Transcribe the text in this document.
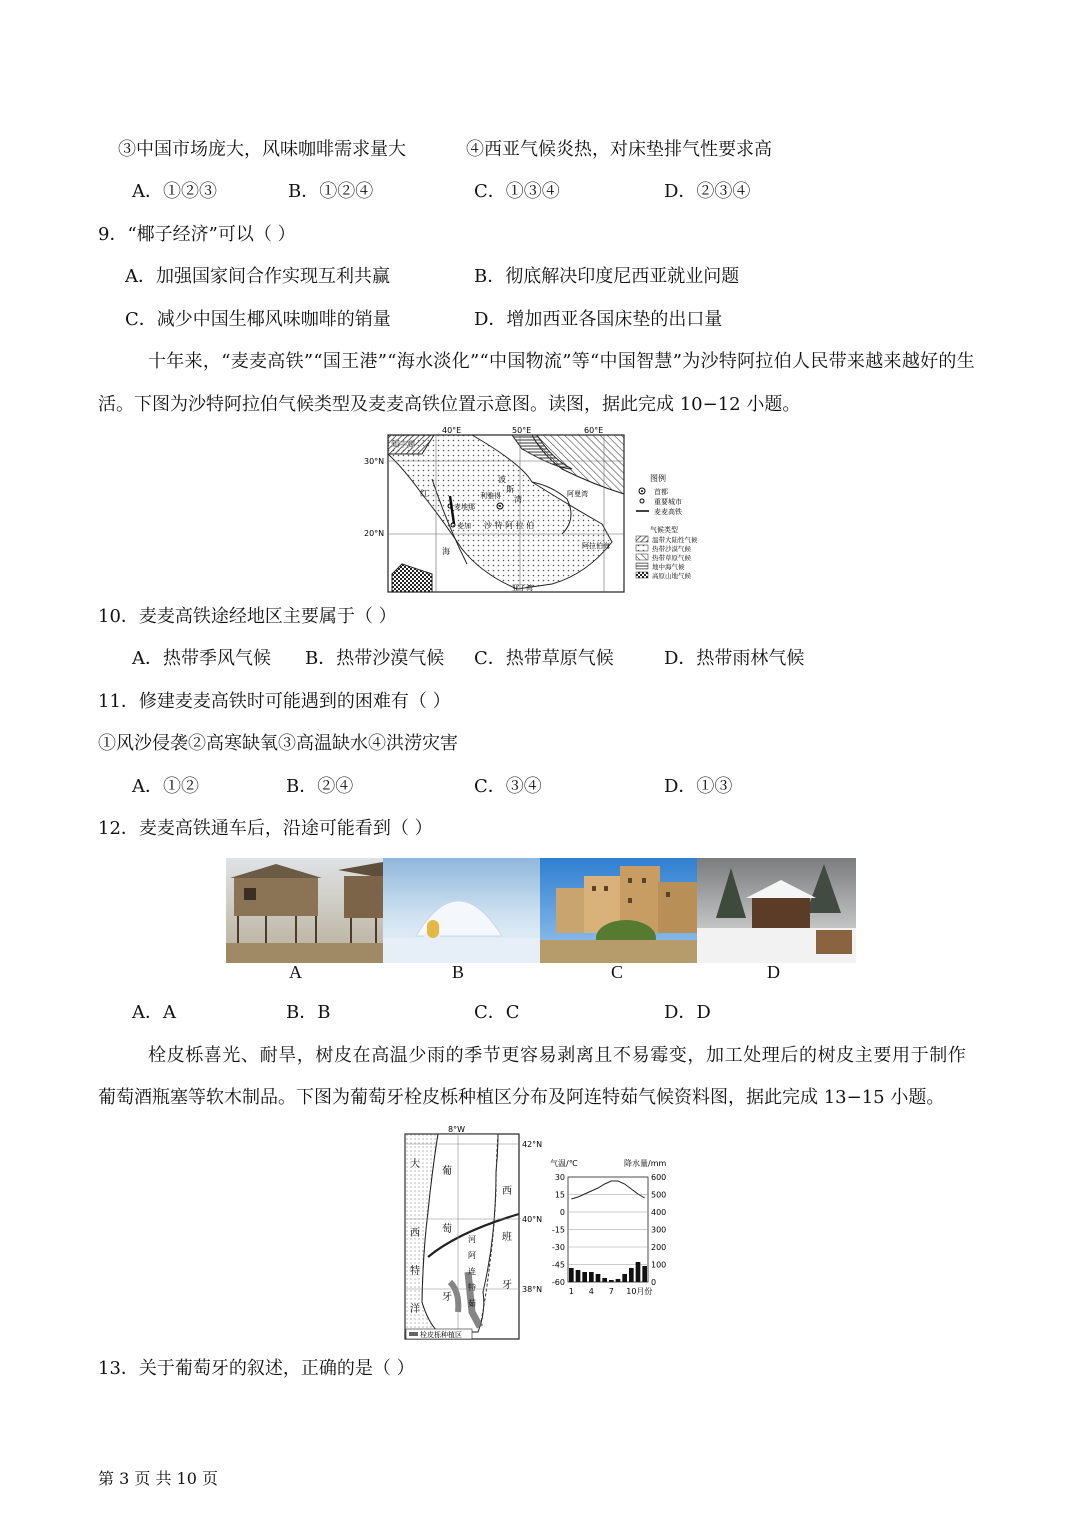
③中国市场庞大，风味咖啡需求量大	④西亚气候炎热，对床垫排气性要求高
A．①②③	B．①②④	C．①③④	D．②③④
9．“椰子经济”可以（ ）
A．加强国家间合作实现互利共赢	B．彻底解决印度尼西亚就业问题
C．减少中国生椰风味咖啡的销量	D．增加西亚各国床垫的出口量
十年来，“麦麦高铁”“国王港”“海水淡化”“中国物流”等“中国智慧”为沙特阿拉伯人民带来越来越好的生
活。下图为沙特阿拉伯气候类型及麦麦高铁位置示意图。读图，据此完成 10−12 小题。
40°E	50°E	60°E
30°N
20°N
地中海
波
斯
湾
红
海
麦地那
利雅得
麦加 沙 特 阿 拉 伯
阿曼湾
阿拉伯海
亚丁湾
图例
首都
重要城市
麦麦高铁
气候类型
温带大陆性气候
热带沙漠气候
热带草原气候
地中海气候
高原山地气候
10．麦麦高铁途经地区主要属于（ ）
A．热带季风气候 B．热带沙漠气候 C．热带草原气候	D．热带雨林气候
11．修建麦麦高铁时可能遇到的困难有（ ）
①风沙侵袭②高寒缺氧③高温缺水④洪涝灾害
A．①②	B．②④	C．③④	D．①③
12．麦麦高铁通车后，沿途可能看到（ ）
A	B	C	D
A．A	B．B	C．C	D．D
栓皮栎喜光、耐旱，树皮在高温少雨的季节更容易剥离且不易霉变，加工处理后的树皮主要用于制作
葡萄酒瓶塞等软木制品。下图为葡萄牙栓皮栎种植区分布及阿连特茹气候资料图，据此完成 13−15 小题。
8°W
42°N
40°N
38°N
大
葡
西
萄
班
牙
牙
西
特
洋
河
阿
连
特
茹
栓皮栎种植区
气温/℃	降水量/mm
30
15
0
-15
-30
-45
-60
600
500
400
300
200
100
0
1 4 7 10月份
13．关于葡萄牙的叙述，正确的是（ ）
第 3 页 共 10 页
